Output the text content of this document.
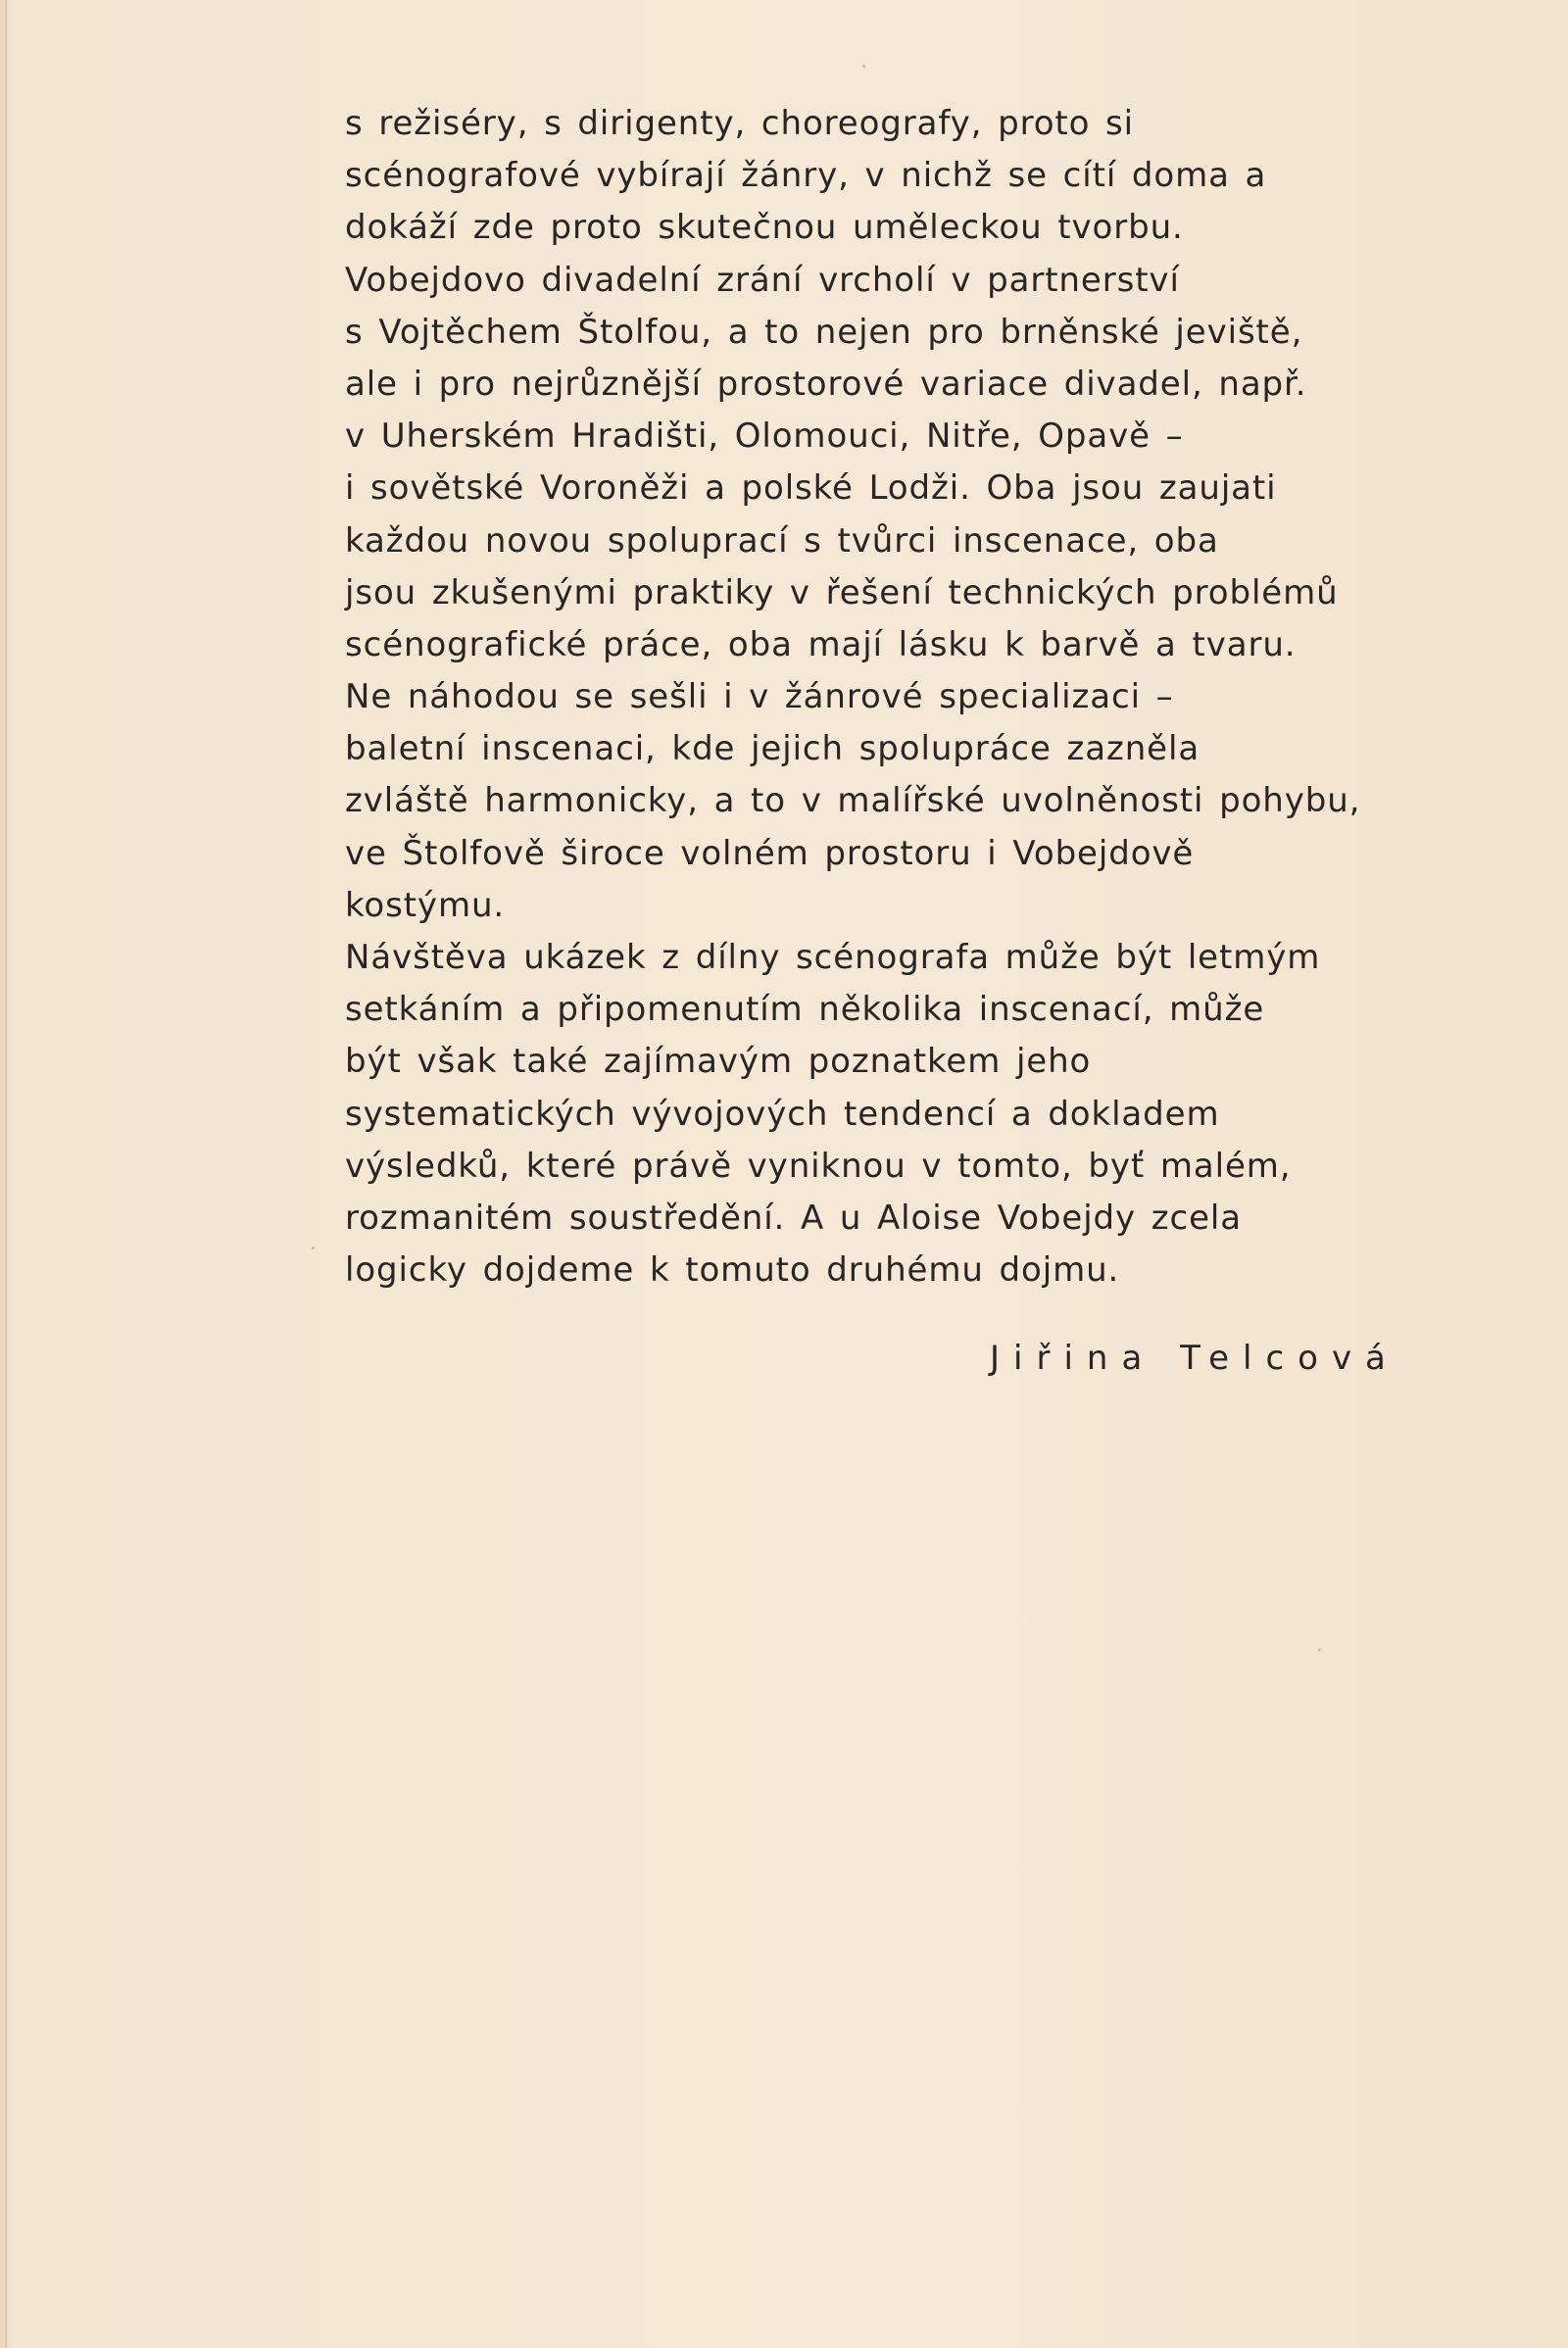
s režiséry, s dirigenty, choreografy, proto si
scénografové vybírají žánry, v nichž se cítí doma a
dokáží zde proto skutečnou uměleckou tvorbu.
Vobejdovo divadelní zrání vrcholí v partnerství
s Vojtěchem Štolfou, a to nejen pro brněnské jeviště,
ale i pro nejrůznější prostorové variace divadel, např.
v Uherském Hradišti, Olomouci, Nitře, Opavě –
i sovětské Voroněži a polské Lodži. Oba jsou zaujati
každou novou spoluprací s tvůrci inscenace, oba
jsou zkušenými praktiky v řešení technických problémů
scénografické práce, oba mají lásku k barvě a tvaru.
Ne náhodou se sešli i v žánrové specializaci –
baletní inscenaci, kde jejich spolupráce zazněla
zvláště harmonicky, a to v malířské uvolněnosti pohybu,
ve Štolfově široce volném prostoru i Vobejdově
kostýmu.
Návštěva ukázek z dílny scénografa může být letmým
setkáním a připomenutím několika inscenací, může
být však také zajímavým poznatkem jeho
systematických vývojových tendencí a dokladem
výsledků, které právě vyniknou v tomto, byť malém,
rozmanitém soustředění. A u Aloise Vobejdy zcela
logicky dojdeme k tomuto druhému dojmu.
Jiřina Telcová
